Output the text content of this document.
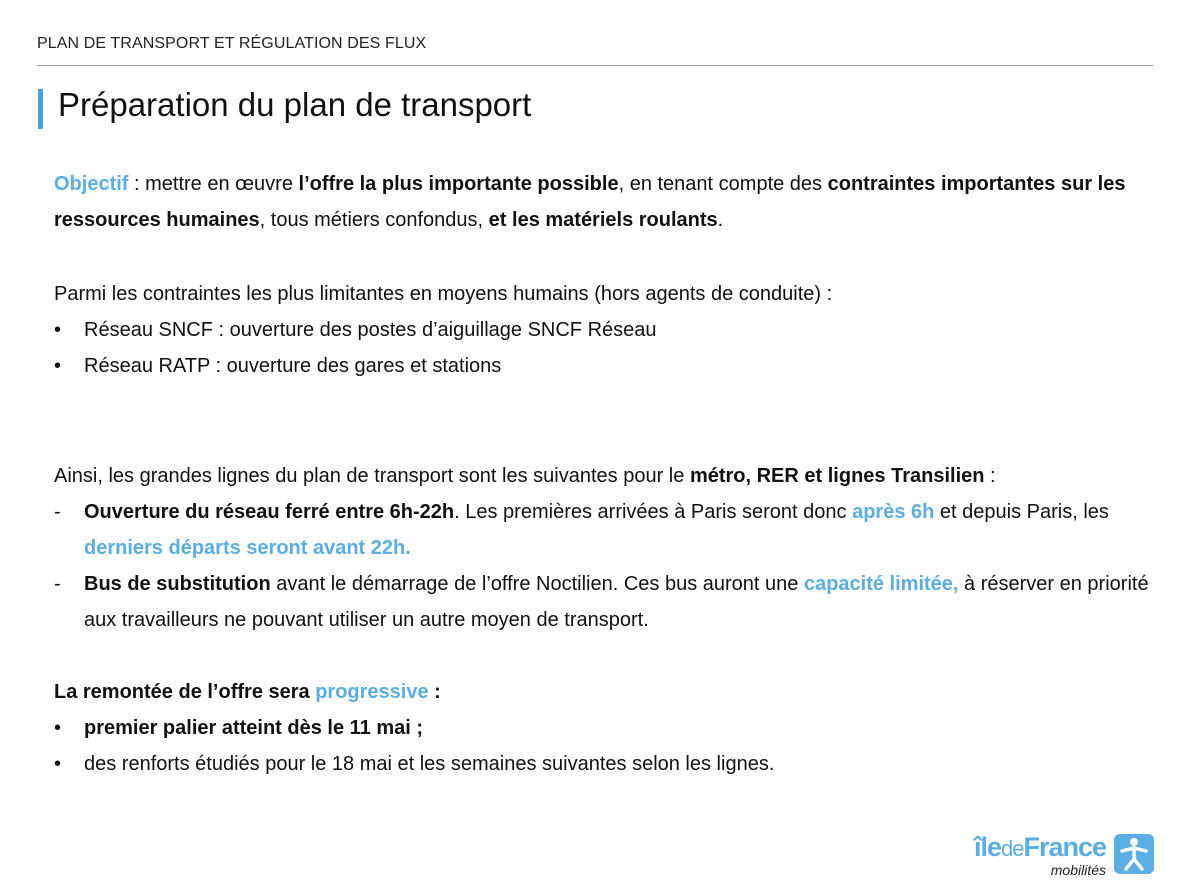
PLAN DE TRANSPORT ET RÉGULATION DES FLUX
Préparation du plan de transport

Objectif : mettre en œuvre l’offre la plus importante possible, en tenant compte des contraintes importantes sur les ressources humaines, tous métiers confondus, et les matériels roulants.

Parmi les contraintes les plus limitantes en moyens humains (hors agents de conduite) :

•	Réseau SNCF : ouverture des postes d’aiguillage SNCF Réseau
•	Réseau RATP : ouverture des gares et stations

Ainsi, les grandes lignes du plan de transport sont les suivantes pour le métro, RER et lignes Transilien :

-	Ouverture du réseau ferré entre 6h-22h. Les premières arrivées à Paris seront donc après 6h et depuis Paris, les derniers départs seront avant 22h.
-	Bus de substitution avant le démarrage de l’offre Noctilien. Ces bus auront une capacité limitée, à réserver en priorité aux travailleurs ne pouvant utiliser un autre moyen de transport.

La remontée de l’offre sera progressive :

•	premier palier atteint dès le 11 mai ;
•	des renforts étudiés pour le 18 mai et les semaines suivantes selon les lignes.
îledeFrance
mobilités
